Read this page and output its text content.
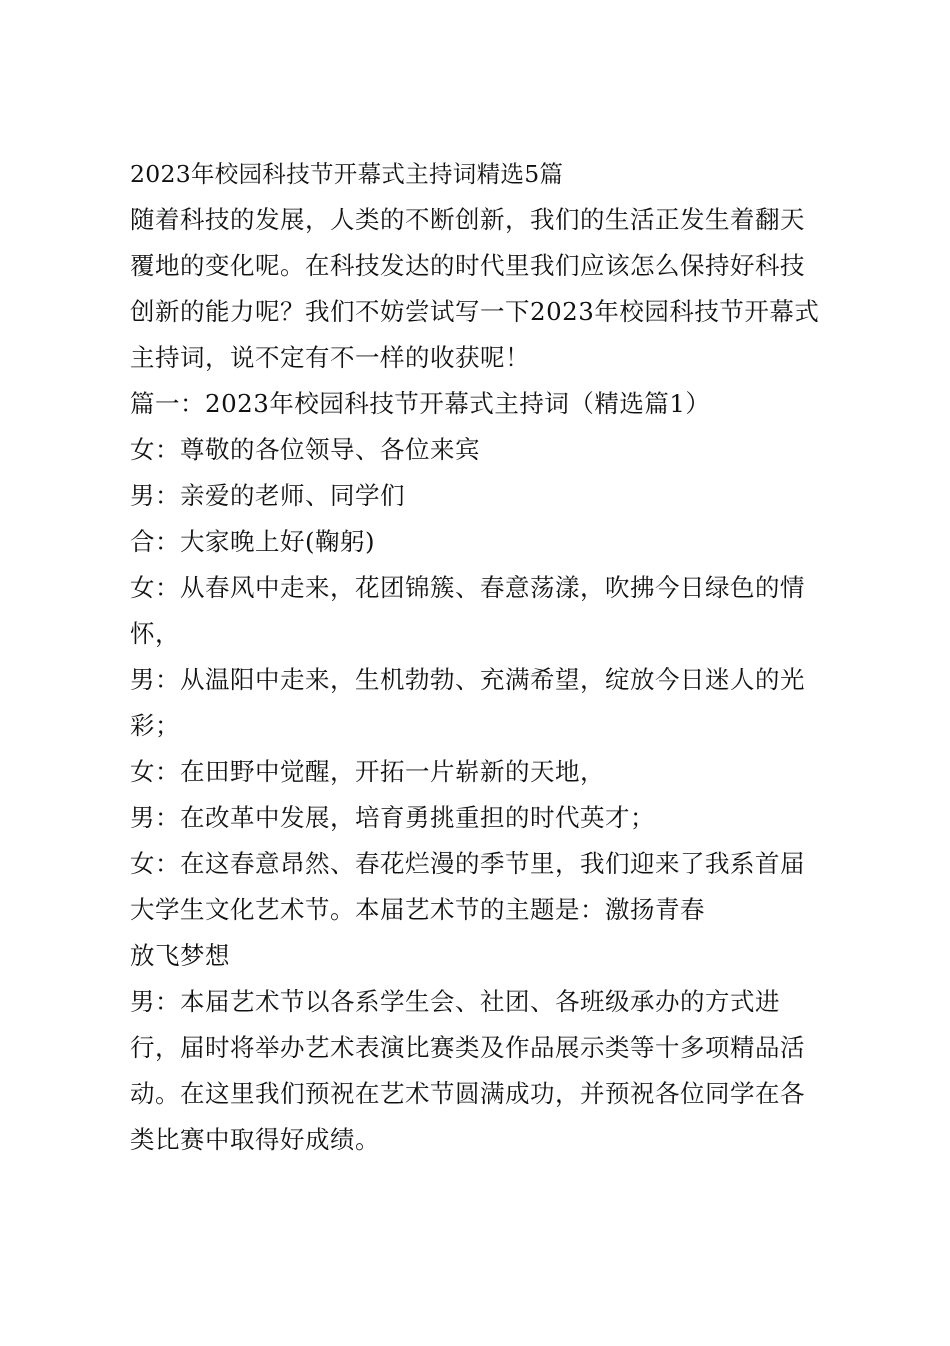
2023年校园科技节开幕式主持词精选5篇
随着科技的发展，人类的不断创新，我们的生活正发生着翻天
覆地的变化呢。在科技发达的时代里我们应该怎么保持好科技
创新的能力呢？我们不妨尝试写一下2023年校园科技节开幕式
主持词，说不定有不一样的收获呢！
篇一：2023年校园科技节开幕式主持词（精选篇1）
女：尊敬的各位领导、各位来宾
男：亲爱的老师、同学们
合：大家晚上好(鞠躬)
女：从春风中走来，花团锦簇、春意荡漾，吹拂今日绿色的情
怀，
男：从温阳中走来，生机勃勃、充满希望，绽放今日迷人的光
彩；
女：在田野中觉醒，开拓一片崭新的天地，
男：在改革中发展，培育勇挑重担的时代英才；
女：在这春意昂然、春花烂漫的季节里，我们迎来了我系首届
大学生文化艺术节。本届艺术节的主题是：激扬青春
放飞梦想
男：本届艺术节以各系学生会、社团、各班级承办的方式进
行，届时将举办艺术表演比赛类及作品展示类等十多项精品活
动。在这里我们预祝在艺术节圆满成功，并预祝各位同学在各
类比赛中取得好成绩。
